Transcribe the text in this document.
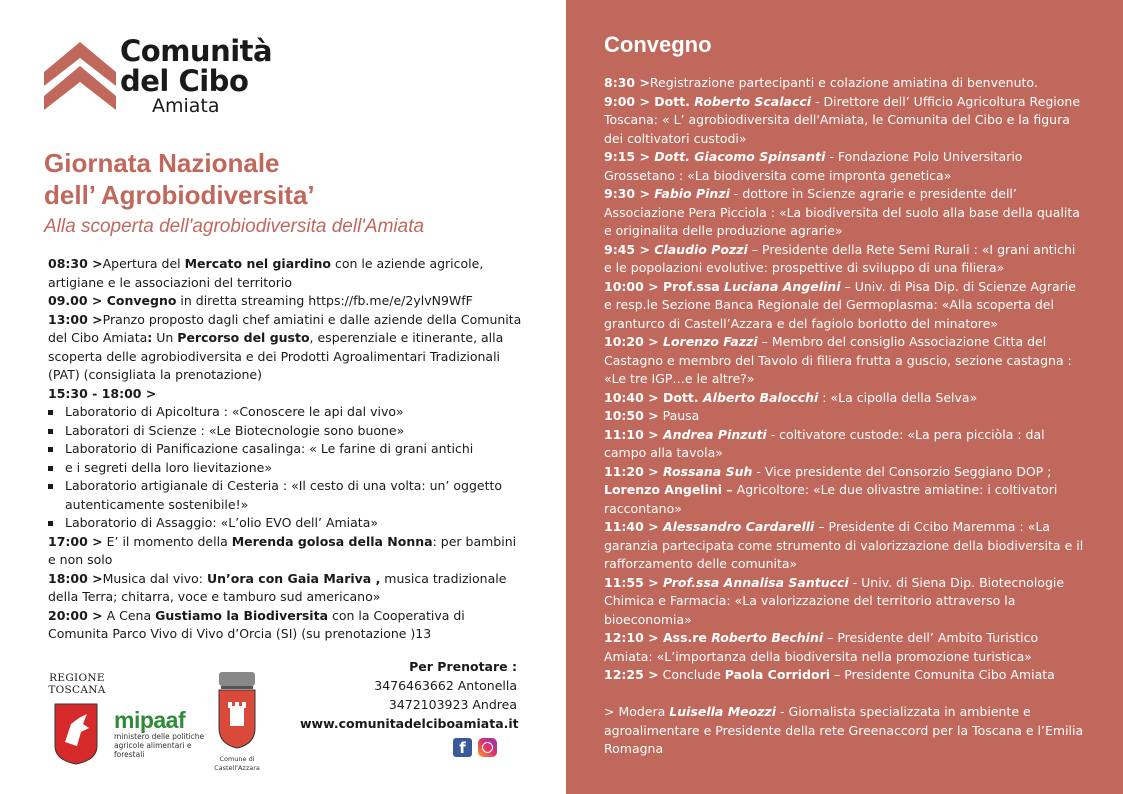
Comunità
del Cibo
Amiata
Giornata Nazionale
dell’ Agrobiodiversita’
Alla scoperta dell'agrobiodiversita dell'Amiata

08:30 >Apertura del Mercato nel giardino con le aziende agricole, artigiane e le associazioni del territorio

09.00 > Convegno in diretta streaming https://fb.me/e/2ylvN9WfF

13:00 >Pranzo proposto dagli chef amiatini e dalle aziende della Comunita del Cibo Amiata: Un Percorso del gusto, esperenziale e itinerante, alla scoperta delle agrobiodiversita e dei Prodotti Agroalimentari Tradizionali (PAT) (consigliata la prenotazione)

15:30 - 18:00 >

Laboratorio di Apicoltura : «Conoscere le api dal vivo»
Laboratori di Scienze : «Le Biotecnologie sono buone»
Laboratorio di Panificazione casalinga: « Le farine di grani antichi
e i segreti della loro lievitazione»
Laboratorio artigianale di Cesteria : «Il cesto di una volta: un’ oggetto autenticamente sostenibile!»
Laboratorio di Assaggio: «L’olio EVO dell’ Amiata»

17:00 > E’ il momento della Merenda golosa della Nonna: per bambini e non solo

18:00 >Musica dal vivo: Un’ora con Gaia Mariva , musica tradizionale della Terra; chitarra, voce e tamburo sud americano»

20:00 > A Cena Gustiamo la Biodiversita con la Cooperativa di Comunita Parco Vivo di Vivo d’Orcia (SI) (su prenotazione )13

REGIONE
TOSCANA
mipaaf
ministero delle politiche agricole alimentari e forestali	Comune di
Castell'Azzara
Per Prenotare :
3476463662 Antonella
3472103923 Andrea
www.comunitadelciboamiata.it
f
Convegno

8:30 >Registrazione partecipanti e colazione amiatina di benvenuto.

9:00 > Dott. Roberto Scalacci - Direttore dell’ Ufficio Agricoltura Regione Toscana: « L’ agrobiodiversita dell'Amiata, le Comunita del Cibo e la figura dei coltivatori custodi»

9:15 > Dott. Giacomo Spinsanti - Fondazione Polo Universitario Grossetano : «La biodiversita come impronta genetica»

9:30 > Fabio Pinzi - dottore in Scienze agrarie e presidente dell’ Associazione Pera Picciola : «La biodiversita del suolo alla base della qualita e originalita delle produzione agrarie»

9:45 > Claudio Pozzi – Presidente della Rete Semi Rurali : «I grani antichi e le popolazioni evolutive: prospettive di sviluppo di una filiera»

10:00 > Prof.ssa Luciana Angelini – Univ. di Pisa Dip. di Scienze Agrarie e resp.le Sezione Banca Regionale del Germoplasma: «Alla scoperta del granturco di Castell’Azzara e del fagiolo borlotto del minatore»

10:20 > Lorenzo Fazzi – Membro del consiglio Associazione Citta del Castagno e membro del Tavolo di filiera frutta a guscio, sezione castagna : «Le tre IGP…e le altre?»

10:40 > Dott. Alberto Balocchi : «La cipolla della Selva»

10:50 > Pausa

11:10 > Andrea Pinzuti - coltivatore custode: «La pera picciòla : dal campo alla tavola»

11:20 > Rossana Suh - Vice presidente del Consorzio Seggiano DOP ;

Lorenzo Angelini – Agricoltore: «Le due olivastre amiatine: i coltivatori raccontano»

11:40 > Alessandro Cardarelli – Presidente di Ccibo Maremma : «La garanzia partecipata come strumento di valorizzazione della biodiversita e il rafforzamento delle comunita»

11:55 > Prof.ssa Annalisa Santucci - Univ. di Siena Dip. Biotecnologie Chimica e Farmacia: «La valorizzazione del territorio attraverso la bioeconomia»

12:10 > Ass.re Roberto Bechini – Presidente dell’ Ambito Turistico Amiata: «L’importanza della biodiversita nella promozione turistica»

12:25 > Conclude Paola Corridori – Presidente Comunita Cibo Amiata

> Modera Luisella Meozzi - Giornalista specializzata in ambiente e agroalimentare e Presidente della rete Greenaccord per la Toscana e l’Emilia Romagna
